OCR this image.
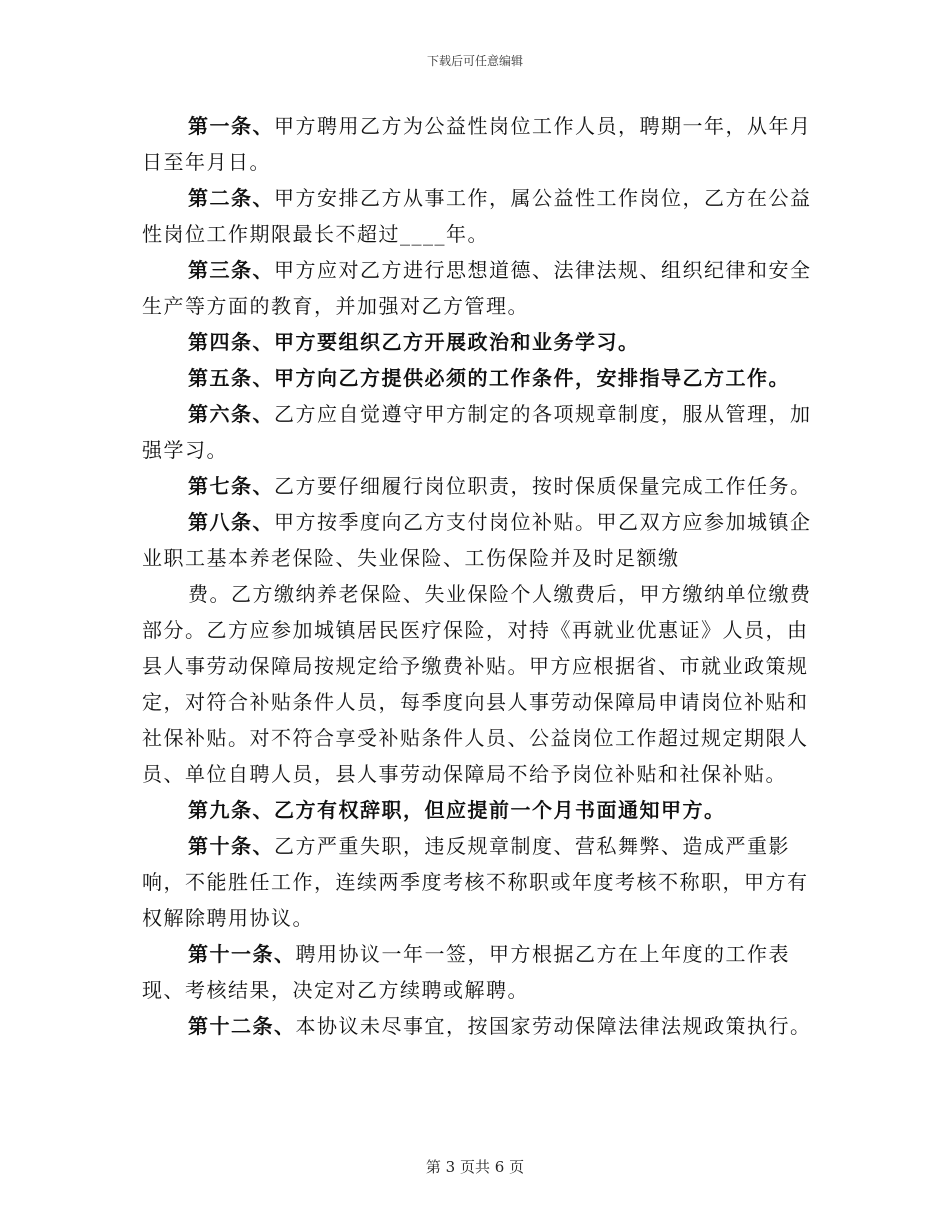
下载后可任意编辑

第一条、甲方聘用乙方为公益性岗位工作人员，聘期一年，从年月日至年月日。

第二条、甲方安排乙方从事工作，属公益性工作岗位，乙方在公益性岗位工作期限最长不超过____年。

第三条、甲方应对乙方进行思想道德、法律法规、组织纪律和安全生产等方面的教育，并加强对乙方管理。

第四条、甲方要组织乙方开展政治和业务学习。

第五条、甲方向乙方提供必须的工作条件，安排指导乙方工作。

第六条、乙方应自觉遵守甲方制定的各项规章制度，服从管理，加强学习。

第七条、乙方要仔细履行岗位职责，按时保质保量完成工作任务。

第八条、甲方按季度向乙方支付岗位补贴。甲乙双方应参加城镇企业职工基本养老保险、失业保险、工伤保险并及时足额缴

费。乙方缴纳养老保险、失业保险个人缴费后，甲方缴纳单位缴费部分。乙方应参加城镇居民医疗保险，对持《再就业优惠证》人员，由县人事劳动保障局按规定给予缴费补贴。甲方应根据省、市就业政策规定，对符合补贴条件人员，每季度向县人事劳动保障局申请岗位补贴和社保补贴。对不符合享受补贴条件人员、公益岗位工作超过规定期限人员、单位自聘人员，县人事劳动保障局不给予岗位补贴和社保补贴。

第九条、乙方有权辞职，但应提前一个月书面通知甲方。

第十条、乙方严重失职，违反规章制度、营私舞弊、造成严重影响，不能胜任工作，连续两季度考核不称职或年度考核不称职，甲方有权解除聘用协议。

第十一条、聘用协议一年一签，甲方根据乙方在上年度的工作表现、考核结果，决定对乙方续聘或解聘。

第十二条、本协议未尽事宜，按国家劳动保障法律法规政策执行。

第 3 页共 6 页
